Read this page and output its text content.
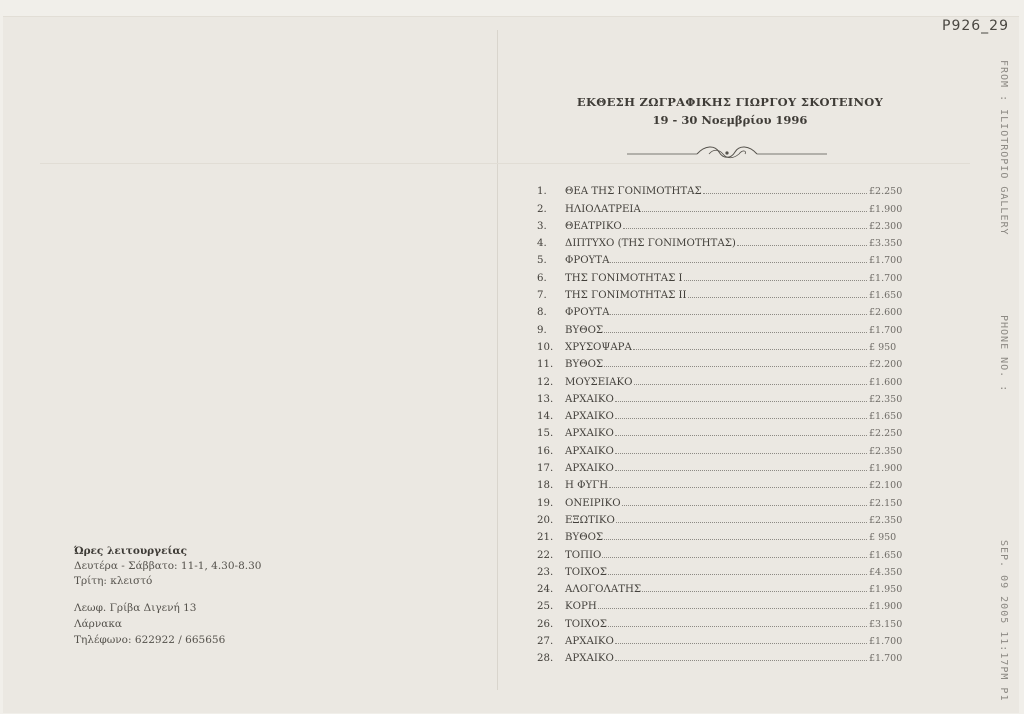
P926_29
FROM : ILIOTROPIO GALLERY
PHONE NO. :
SEP. 09 2005 11:17PM P1
ΕΚΘΕΣΗ ΖΩΓΡΑΦΙΚΗΣ ΓΙΩΡΓΟΥ ΣΚΟΤΕΙΝΟΥ
19 - 30 Νοεμβρίου 1996
1.	ΘΕΑ ΤΗΣ ΓΟΝΙΜΟΤΗΤΑΣ	£2.250
2.	ΗΛΙΟΛΑΤΡΕΙΑ	£1.900
3.	ΘΕΑΤΡΙΚΟ	£2.300
4.	ΔΙΠΤΥΧΟ (ΤΗΣ ΓΟΝΙΜΟΤΗΤΑΣ)	£3.350
5.	ΦΡΟΥΤΑ	£1.700
6.	ΤΗΣ ΓΟΝΙΜΟΤΗΤΑΣ Ι	£1.700
7.	ΤΗΣ ΓΟΝΙΜΟΤΗΤΑΣ ΙΙ	£1.650
8.	ΦΡΟΥΤΑ	£2.600
9.	ΒΥΘΟΣ	£1.700
10.	ΧΡΥΣΟΨΑΡΑ	£ 950
11.	ΒΥΘΟΣ	£2.200
12.	ΜΟΥΣΕΙΑΚΟ	£1.600
13.	ΑΡΧΑΙΚΟ	£2.350
14.	ΑΡΧΑΙΚΟ	£1.650
15.	ΑΡΧΑΙΚΟ	£2.250
16.	ΑΡΧΑΙΚΟ	£2.350
17.	ΑΡΧΑΙΚΟ	£1.900
18.	Η ΦΥΓΗ	£2.100
19.	ΟΝΕΙΡΙΚΟ	£2.150
20.	ΕΞΩΤΙΚΟ	£2.350
21.	ΒΥΘΟΣ	£ 950
22.	ΤΟΠΙΟ	£1.650
23.	ΤΟΙΧΟΣ	£4.350
24.	ΑΛΟΓΟΛΑΤΗΣ	£1.950
25.	ΚΟΡΗ	£1.900
26.	ΤΟΙΧΟΣ	£3.150
27.	ΑΡΧΑΙΚΟ	£1.700
28.	ΑΡΧΑΙΚΟ	£1.700
Ώρες λειτουργείας
Δευτέρα - Σάββατο: 11-1, 4.30-8.30
Τρίτη: κλειστό
Λεωφ. Γρίβα Διγενή 13
Λάρνακα
Τηλέφωνο: 622922 / 665656
